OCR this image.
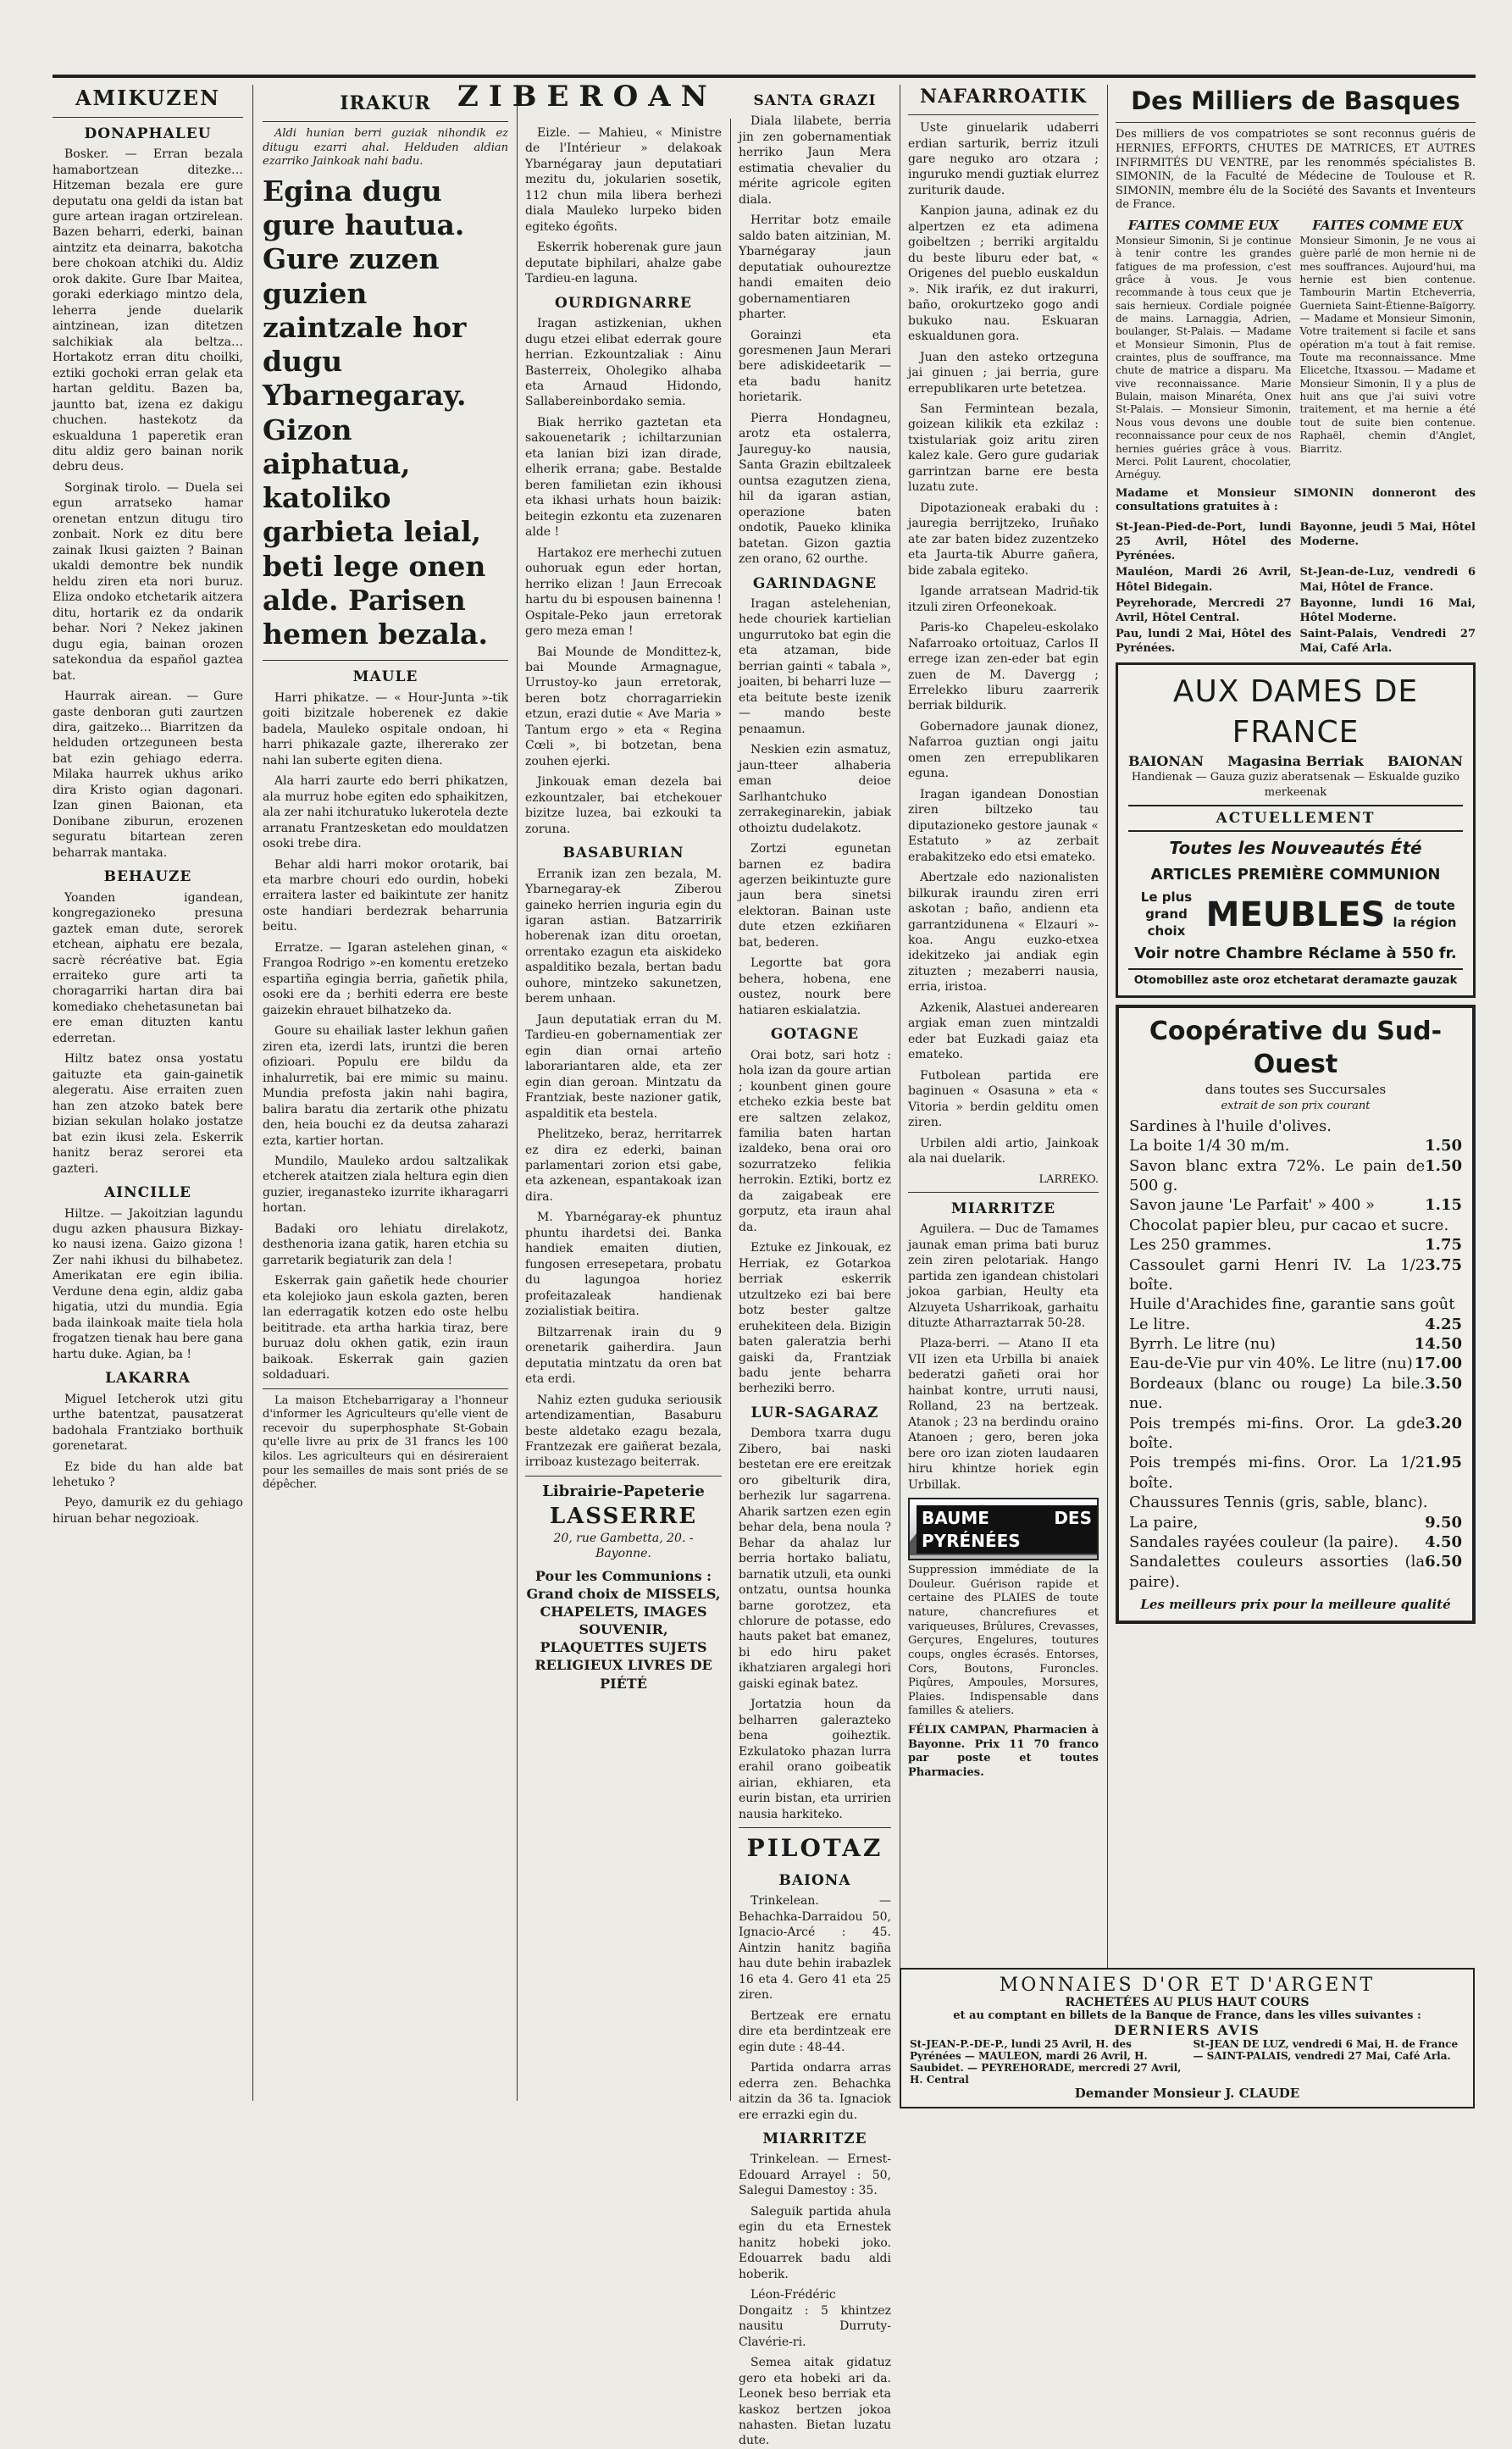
AMIKUZEN
DONAPHALEU

Bosker. — Erran bezala hamabortzean ditezke… Hitzeman bezala ere gure deputatu ona geldi da istan bat gure artean iragan ortzirelean. Bazen beharri, ederki, bainan aintzitz eta deinarra, bakotcha bere chokoan atchiki du. Aldiz orok dakite. Gure Ibar Maitea, goraki ederkiago mintzo dela, leherra jende duelarik aintzinean, izan ditetzen salchikiak ala beltza… Hortakotz erran ditu choilki, eztiki gochoki erran gelak eta hartan gelditu. Bazen ba, jauntto bat, izena ez dakigu chuchen. hastekotz da eskualduna 1 paperetik eran ditu aldiz gero bainan norik debru deus.

Sorginak tirolo. — Duela sei egun arratseko hamar orenetan entzun ditugu tiro zonbait. Nork ez ditu bere zainak Ikusi gaizten ? Bainan ukaldi demontre bek nundik heldu ziren eta nori buruz. Eliza ondoko etchetarik aitzera ditu, hortarik ez da ondarik behar. Nori ? Nekez jakinen dugu egia, bainan orozen satekondua da español gaztea bat.

Haurrak airean. — Gure gaste denboran guti zaurtzen dira, gaitzeko… Biarritzen da helduden ortzeguneen besta bat ezin gehiago ederra. Milaka haurrek ukhus ariko dira Kristo ogian dagonari. Izan ginen Baionan, eta Donibane ziburun, erozenen seguratu bitartean zeren beharrak mantaka.

BEHAUZE

Yoanden igandean, kongregazioneko presuna gaztek eman dute, serorek etchean, aiphatu ere bezala, sacrè récréative bat. Egia erraiteko gure arti ta choragarriki hartan dira bai komediako chehetasunetan bai ere eman dituzten kantu ederretan.

Hiltz batez onsa yostatu gaituzte eta gain-gainetik alegeratu. Aise erraiten zuen han zen atzoko batek bere bizian sekulan holako jostatze bat ezin ikusi zela. Eskerrik hanitz beraz serorei eta gazteri.

AINCILLE

Hiltze. — Jakoitzian lagundu dugu azken phausura Bizkay-ko nausi izena. Gaizo gizona ! Zer nahi ikhusi du bilhabetez. Amerikatan ere egin ibilia. Verdune dena egin, aldiz gaba higatia, utzi du mundia. Egia bada ilainkoak maite tiela hola frogatzen tienak hau bere gana hartu duke. Agian, ba !

LAKARRA

Miguel Ietcherok utzi gitu urthe batentzat, pausatzerat badohala Frantziako borthuik gorenetarat.

Ez bide du han alde bat lehetuko ?

Peyo, damurik ez du gehiago hiruan behar negozioak.

IRAKUR

Aldi hunian berri guziak nihondik ez ditugu ezarri ahal. Helduden aldian ezarriko Jainkoak nahi badu.

Egina dugu gure hautua. Gure zuzen guzien zaintzale hor dugu Ybarnegaray. Gizon aiphatua, katoliko garbieta leial, beti lege onen alde. Parisen hemen bezala.
MAULE

Harri phikatze. — « Hour-Junta »-tik goiti bizitzale hoberenek ez dakie badela, Mauleko ospitale ondoan, hi harri phikazale gazte, ilhererako zer nahi lan suberte egiten diena.

Ala harri zaurte edo berri phikatzen, ala murruz hobe egiten edo sphaikitzen, ala zer nahi itchuratuko lukerotela dezte arranatu Frantzesketan edo mouldatzen osoki trebe dira.

Behar aldi harri mokor orotarik, bai eta marbre chouri edo ourdin, hobeki erraitera laster ed baikintute zer hanitz oste handiari berdezrak beharrunia beitu.

Erratze. — Igaran astelehen ginan, « Frangoa Rodrigo »-en komentu eretzeko espartiña egingia berria, gañetik phila, osoki ere da ; berhiti ederra ere beste gaizekin ehrauet bilhatzeko da.

Goure su ehailiak laster lekhun gañen ziren eta, izerdi lats, iruntzi die beren ofizioari. Populu ere bildu da inhalurretik, bai ere mimic su mainu. Mundia prefosta jakin nahi bagira, balira baratu dia zertarik othe phizatu den, heia bouchi ez da deutsa zaharazi ezta, kartier hortan.

Mundilo, Mauleko ardou saltzalikak etcherek ataitzen ziala heltura egin dien guzier, ireganasteko izurrite ikharagarri hortan.

Badaki oro lehiatu direlakotz, desthenoria izana gatik, haren etchia su garretarik begiaturik zan dela !

Eskerrak gain gañetik hede chourier eta kolejioko jaun eskola gazten, beren lan ederragatik kotzen edo oste helbu beititrade. eta artha harkia tiraz, bere buruaz dolu okhen gatik, ezin iraun baikoak. Eskerrak gain gazien soldaduari.

La maison Etchebarrigaray a l'honneur d'informer les Agriculteurs qu'elle vient de recevoir du superphosphate St-Gobain qu'elle livre au prix de 31 francs les 100 kilos. Les agriculteurs qui en désireraient pour les semailles de mais sont priés de se dépêcher.

ZIBEROAN

Eizle. — Mahieu, « Ministre de l'Intérieur » delakoak Ybarnégaray jaun deputatiari mezitu du, jokularien sosetik, 112 chun mila libera berhezi diala Mauleko lurpeko biden egiteko égoñts.

Eskerrik hoberenak gure jaun deputate biphilari, ahalze gabe Tardieu-en laguna.

OURDIGNARRE

Iragan astizkenian, ukhen dugu etzei elibat ederrak goure herrian. Ezkountzaliak : Ainu Basterreix, Oholegiko alhaba eta Arnaud Hidondo, Sallabereinbordako semia.

Biak herriko gaztetan eta sakouenetarik ; ichiltarzunian eta lanian bizi izan dirade, elherik errana; gabe. Bestalde beren familietan ezin ikhousi eta ikhasi urhats houn baizik: beitegin ezkontu eta zuzenaren alde !

Hartakoz ere merhechi zutuen ouhoruak egun eder hortan, herriko elizan ! Jaun Errecoak hartu du bi espousen bainenna ! Ospitale-Peko jaun erretorak gero meza eman !

Bai Mounde de Mondittez-k, bai Mounde Armagnague, Urrustoy-ko jaun erretorak, beren botz chorragarriekin etzun, erazi dutie « Ave Maria » Tantum ergo » eta « Regina Cœli », bi botzetan, bena zouhen ejerki.

Jinkouak eman dezela bai ezkountzaler, bai etchekouer bizitze luzea, bai ezkouki ta zoruna.

BASABURIAN

Erranik izan zen bezala, M. Ybarnegaray-ek Ziberou gaineko herrien inguria egin du igaran astian. Batzarririk hoberenak izan ditu oroetan, orrentako ezagun eta aiskideko aspalditiko bezala, bertan badu ouhore, mintzeko sakunetzen, berem unhaan.

Jaun deputatiak erran du M. Tardieu-en gobernamentiak zer egin dian ornai arteño laborariantaren alde, eta zer egin dian geroan. Mintzatu da Frantziak, beste nazioner gatik, aspalditik eta bestela.

Phelitzeko, beraz, herritarrek ez dira ez ederki, bainan parlamentari zorion etsi gabe, eta azkenean, espantakoak izan dira.

M. Ybarnégaray-ek phuntuz phuntu ihardetsi dei. Banka handiek emaiten diutien, fungosen erresepetara, probatu du lagungoa horiez profeitazaleak handienak zozialistiak beitira.

Biltzarrenak irain du 9 orenetarik gaiherdira. Jaun deputatia mintzatu da oren bat eta erdi.

Nahiz ezten guduka seriousik artendizamentian, Basaburu beste aldetako ezagu bezala, Frantzezak ere gaiñerat bezala, irriboaz kustezago beiterrak.

Librairie-Papeterie
LASSERRE
20, rue Gambetta, 20. - Bayonne.
Pour les Communions : Grand choix de MISSELS, CHAPELETS, IMAGES SOUVENIR, PLAQUETTES SUJETS RELIGIEUX LIVRES DE PIÉTÉ
SANTA GRAZI

Diala lilabete, berria jin zen gobernamentiak herriko Jaun Mera estimatia chevalier du mérite agricole egiten diala.

Herritar botz emaile saldo baten aitzinian, M. Ybarnégaray jaun deputatiak ouhoureztze handi emaiten deio gobernamentiaren pharter.

Gorainzi eta goresmenen Jaun Merari bere adiskideetarik — eta badu hanitz horietarik.

Pierra Hondagneu, arotz eta ostalerra, Jaureguy-ko nausia, Santa Grazin ebiltzaleek ountsa ezagutzen ziena, hil da igaran astian, operazione baten ondotik, Paueko klinika batetan. Gizon gaztia zen orano, 62 ourthe.

GARINDAGNE

Iragan astelehenian, hede chouriek kartielian ungurrutoko bat egin die eta atzaman, bide berrian gainti « tabala », joaiten, bi beharri luze — eta beitute beste izenik — mando beste penaamun.

Neskien ezin asmatuz, jaun-tteer alhaberia eman deioe Sarlhantchuko zerrakeginarekin, jabiak othoiztu dudelakotz.

Zortzi egunetan barnen ez badira agerzen beikintuzte gure jaun bera sinetsi elektoran. Bainan uste dute etzen ezkiñaren bat, bederen.

Legortte bat gora behera, hobena, ene oustez, nourk bere hatiaren eskialatzia.

GOTAGNE

Orai botz, sari hotz : hola izan da goure artian ; kounbent ginen goure etcheko ezkia beste bat ere saltzen zelakoz, familia baten hartan izaldeko, bena orai oro sozurratzeko felikia herrokin. Eztiki, bortz ez da zaigabeak ere gorputz, eta iraun ahal da.

Eztuke ez Jinkouak, ez Herriak, ez Gotarkoa berriak eskerrik utzultzeko ezi bai bere botz bester galtze eruhekiteen dela. Bizigin baten galeratzia berhi gaiski da, Frantziak badu jente beharra berheziki berro.

LUR-SAGARAZ

Dembora txarra dugu Zibero, bai naski bestetan ere ere ereitzak oro gibelturik dira, berhezik lur sagarrena. Aharik sartzen ezen egin behar dela, bena noula ? Behar da ahalaz lur berria hortako baliatu, barnatik utzuli, eta ounki ontzatu, ountsa hounka barne gorotzez, eta chlorure de potasse, edo hauts paket bat emanez, bi edo hiru paket ikhatziaren argalegi hori gaiski eginak batez.

Jortatzia houn da belharren galerazteko bena goiheztik. Ezkulatoko phazan lurra erahil orano goibeatik airian, ekhiaren, eta eurin bistan, eta urririen nausia harkiteko.

PILOTAZ
BAIONA

Trinkelean. — Behachka-Darraidou 50, Ignacio-Arcé : 45. Aintzin hanitz bagiña hau dute behin irabazlek 16 eta 4. Gero 41 eta 25 ziren.

Bertzeak ere ernatu dire eta berdintzeak ere egin dute : 48-44.

Partida ondarra arras ederra zen. Behachka aitzin da 36 ta. Ignaciok ere errazki egin du.

MIARRITZE

Trinkelean. — Ernest-Edouard Arrayel : 50, Salegui Damestoy : 35.

Saleguik partida ahula egin du eta Ernestek hanitz hobeki joko. Edouarrek badu aldi hoberik.

Léon-Frédéric Dongaitz : 5 khintzez nausitu Durruty-Clavérie-ri.

Semea aitak gidatuz gero eta hobeki ari da. Leonek beso berriak eta kaskoz bertzen jokoa nahasten. Bietan luzatu dute.

NAFARROATIK

Uste ginuelarik udaberri erdian sarturik, berriz itzuli gare neguko aro otzara ; inguruko mendi guztiak elurrez zuriturik daude.

Kanpion jauna, adinak ez du alpertzen ez eta adimena goibeltzen ; berriki argitaldu du beste liburu eder bat, « Origenes del pueblo euskaldun ». Nik iraŕik, ez dut irakurri, baño, orokurtzeko gogo andi bukuko nau. Eskuaran eskualdunen gora.

Juan den asteko ortzeguna jai ginuen ; jai berria, gure errepublikaren urte betetzea.

San Fermintean bezala, goizean kilikik eta ezkilaz : txistulariak goiz aritu ziren kalez kale. Gero gure gudariak garrintzan barne ere besta luzatu zute.

Dipotazioneak erabaki du : jauregia berrijtzeko, Iruñako ate zar baten bidez zuzentzeko eta Jaurta-tik Aburre gañera, bide zabala egiteko.

Igande arratsean Madrid-tik itzuli ziren Orfeonekoak.

Paris-ko Chapeleu-eskolako Nafarroako ortoituaz, Carlos II errege izan zen-eder bat egin zuen de M. Davergg ; Errelekko liburu zaarrerik berriak bildurik.

Gobernadore jaunak dionez, Nafarroa guztian ongi jaitu omen zen errepublikaren eguna.

Iragan igandean Donostian ziren biltzeko tau diputazioneko gestore jaunak « Estatuto » az zerbait erabakitzeko edo etsi emateko.

Abertzale edo nazionalisten bilkurak iraundu ziren erri askotan ; baño, andienn eta garrantzidunena « Elzauri »-koa. Angu euzko-etxea idekitzeko jai andiak egin zituzten ; mezaberri nausia, erria, iristoa.

Azkenik, Alastuei anderearen argiak eman zuen mintzaldi eder bat Euzkadi gaiaz eta emateko.

Futbolean partida ere baginuen « Osasuna » eta « Vitoria » berdin gelditu omen ziren.

Urbilen aldi artio, Jainkoak ala nai duelarik.

LARREKO.
MIARRITZE

Aguilera. — Duc de Tamames jaunak eman prima bati buruz zein ziren pelotariak. Hango partida zen igandean chistolari jokoa garbian, Heulty eta Alzuyeta Usharrikoak, garhaitu dituzte Atharraztarrak 50-28.

Plaza-berri. — Atano II eta VII izen eta Urbilla bi anaiek bederatzi gañeti orai hor hainbat kontre, urruti nausi, Rolland, 23 na bertzeak. Atanok ; 23 na berdindu oraino Atanoen ; gero, beren joka bere oro izan zioten laudaaren hiru khintze horiek egin Urbillak.

BAUME DES PYRÉNÉES

Suppression immédiate de la Douleur. Guérison rapide et certaine des PLAIES de toute nature, chancrefiures et variqueuses, Brûlures, Crevasses, Gerçures, Engelures, toutures coups, ongles écrasés. Entorses, Cors, Boutons, Furoncles. Piqûres, Ampoules, Morsures, Plaies. Indispensable dans familles & ateliers.

FÉLIX CAMPAN, Pharmacien à Bayonne. Prix 11 70 franco par poste et toutes Pharmacies.

Des Milliers de Basques

Des milliers de vos compatriotes se sont reconnus guéris de HERNIES, EFFORTS, CHUTES DE MATRICES, ET AUTRES INFIRMITÉS DU VENTRE, par les renommés spécialistes B. SIMONIN, de la Faculté de Médecine de Toulouse et R. SIMONIN, membre élu de la Société des Savants et Inventeurs de France.

FAITES COMME EUX

Monsieur Simonin, Si je continue à tenir contre les grandes fatigues de ma profession, c'est grâce à vous. Je vous recommande à tous ceux que je sais hernieux. Cordiale poignée de mains. Larnaggia, Adrien, boulanger, St-Palais. — Madame et Monsieur Simonin, Plus de craintes, plus de souffrance, ma chute de matrice a disparu. Ma vive reconnaissance. Marie Bulain, maison Minaréta, Onex St-Palais. — Monsieur Simonin, Nous vous devons une double reconnaissance pour ceux de nos hernies guéries grâce à vous. Merci. Polit Laurent, chocolatier, Arnéguy.

FAITES COMME EUX

Monsieur Simonin, Je ne vous ai guère parlé de mon hernie ni de mes souffrances. Aujourd'hui, ma hernie est bien contenue. Tambourin Martin Etcheverria, Guernieta Saint-Étienne-Baïgorry. — Madame et Monsieur Simonin, Votre traitement si facile et sans opération m'a tout à fait remise. Toute ma reconnaissance. Mme Elicetche, Itxassou. — Madame et Monsieur Simonin, Il y a plus de huit ans que j'ai suivi votre traitement, et ma hernie a été tout de suite bien contenue. Raphaël, chemin d'Anglet, Biarritz.

Madame et Monsieur SIMONIN donneront des consultations gratuites à :

St-Jean-Pied-de-Port, lundi 25 Avril, Hôtel des Pyrénées.
Bayonne, jeudi 5 Mai, Hôtel Moderne.
Mauléon, Mardi 26 Avril, Hôtel Bidegain.
St-Jean-de-Luz, vendredi 6 Mai, Hôtel de France.
Peyrehorade, Mercredi 27 Avril, Hôtel Central.
Bayonne, lundi 16 Mai, Hôtel Moderne.
Pau, lundi 2 Mai, Hôtel des Pyrénées.
Saint-Palais, Vendredi 27 Mai, Café Arla.
AUX DAMES DE FRANCE
BAIONAN Magasina Berriak BAIONAN
Handienak — Gauza guziz aberatsenak — Eskualde guziko merkeenak
ACTUELLEMENT
Toutes les Nouveautés Été
ARTICLES PREMIÈRE COMMUNION
Le plus grand choix MEUBLES de toute la région
Voir notre Chambre Réclame à 550 fr.
Otomobillez aste oroz etchetarat deramazte gauzak
Coopérative du Sud-Ouest
dans toutes ses Succursales
extrait de son prix courant
Sardines à l'huile d'olives.
La boite 1/4 30 m/m.	1.50
Savon blanc extra 72%. Le pain de 500 g.
1.50
Savon jaune 'Le Parfait' » 400 »	1.15
Chocolat papier bleu, pur cacao et sucre.
Les 250 grammes.	1.75
Cassoulet garni Henri IV. La 1/2 boîte.
3.75
Huile d'Arachides fine, garantie sans goût
Le litre.	4.25
Byrrh. Le litre (nu)	14.50
Eau-de-Vie pur vin 40%. Le litre (nu) 17.00
Bordeaux (blanc ou rouge) La bile. nue.
3.50
Pois trempés mi-fins. Oror. La gde boîte.
3.20
Pois trempés mi-fins. Oror. La 1/2 boîte.
1.95
Chaussures Tennis (gris, sable, blanc).
La paire,	9.50
Sandales rayées couleur (la paire). 4.50
Sandalettes couleurs assorties (la paire).
6.50
Les meilleurs prix pour la meilleure qualité
MONNAIES D'OR ET D'ARGENT
RACHETÉES AU PLUS HAUT COURS
et au comptant en billets de la Banque de France, dans les villes suivantes :
DERNIERS AVIS
St-JEAN-P.-DE-P., lundi 25 Avril, H. des Pyrénées — MAULEON, mardi 26 Avril, H. Saubidet. — PEYREHORADE, mercredi 27 Avril, H. Central
St-JEAN DE LUZ, vendredi 6 Mai, H. de France — SAINT-PALAIS, vendredi 27 Mai, Café Arla.
Demander Monsieur J. CLAUDE
